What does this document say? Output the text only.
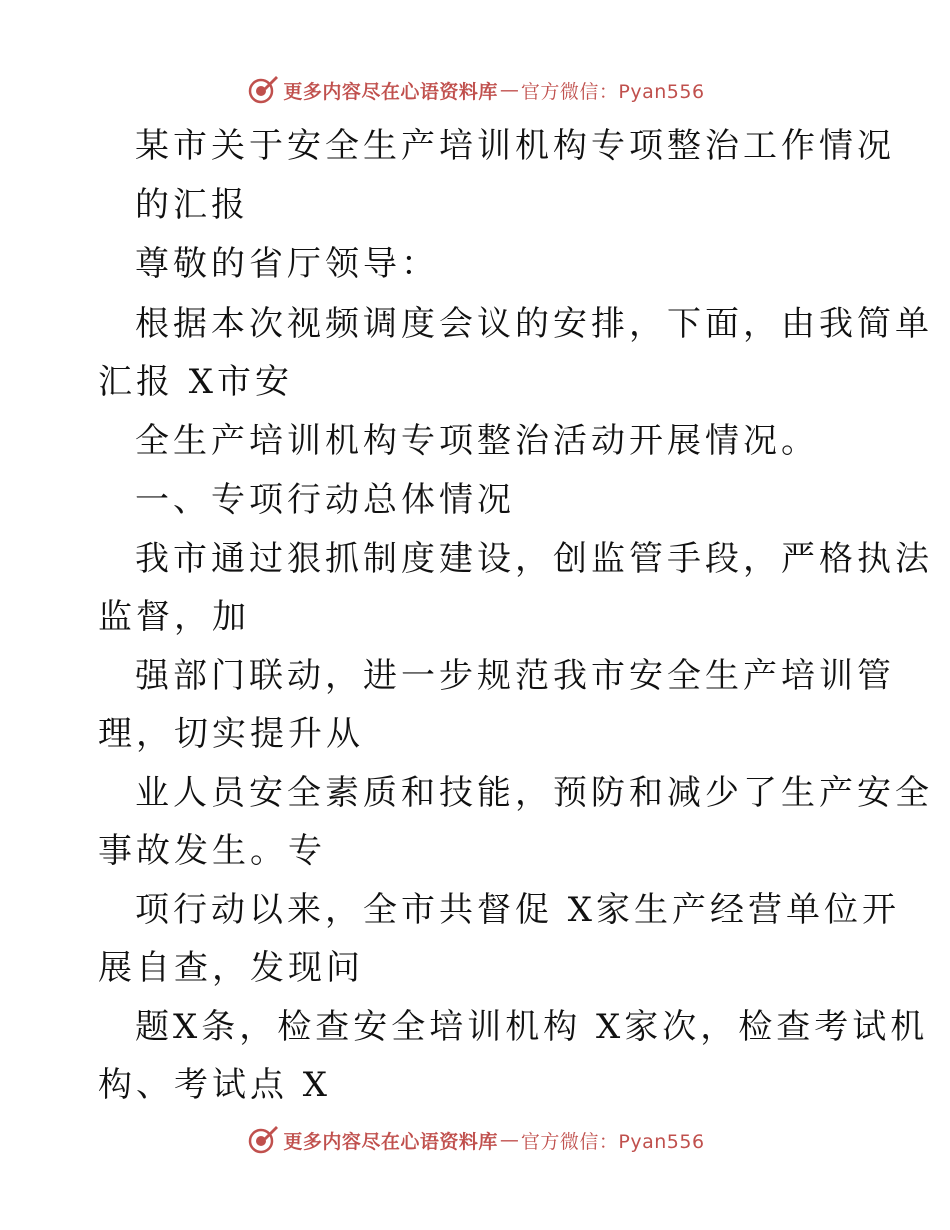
更多内容尽在心语资料库 — 官方微信：Pyan556
某市关于安全生产培训机构专项整治工作情况
的汇报
尊敬的省厅领导：
根据本次视频调度会议的安排，下面，由我简单
汇报 X市安
全生产培训机构专项整治活动开展情况。
一、专项行动总体情况
我市通过狠抓制度建设，创监管手段，严格执法
监督，加
强部门联动，进一步规范我市安全生产培训管
理，切实提升从
业人员安全素质和技能，预防和减少了生产安全
事故发生。专
项行动以来，全市共督促 X家生产经营单位开
展自查，发现问
题X条，检查安全培训机构 X家次，检查考试机
构、考试点 X
更多内容尽在心语资料库 — 官方微信：Pyan556
